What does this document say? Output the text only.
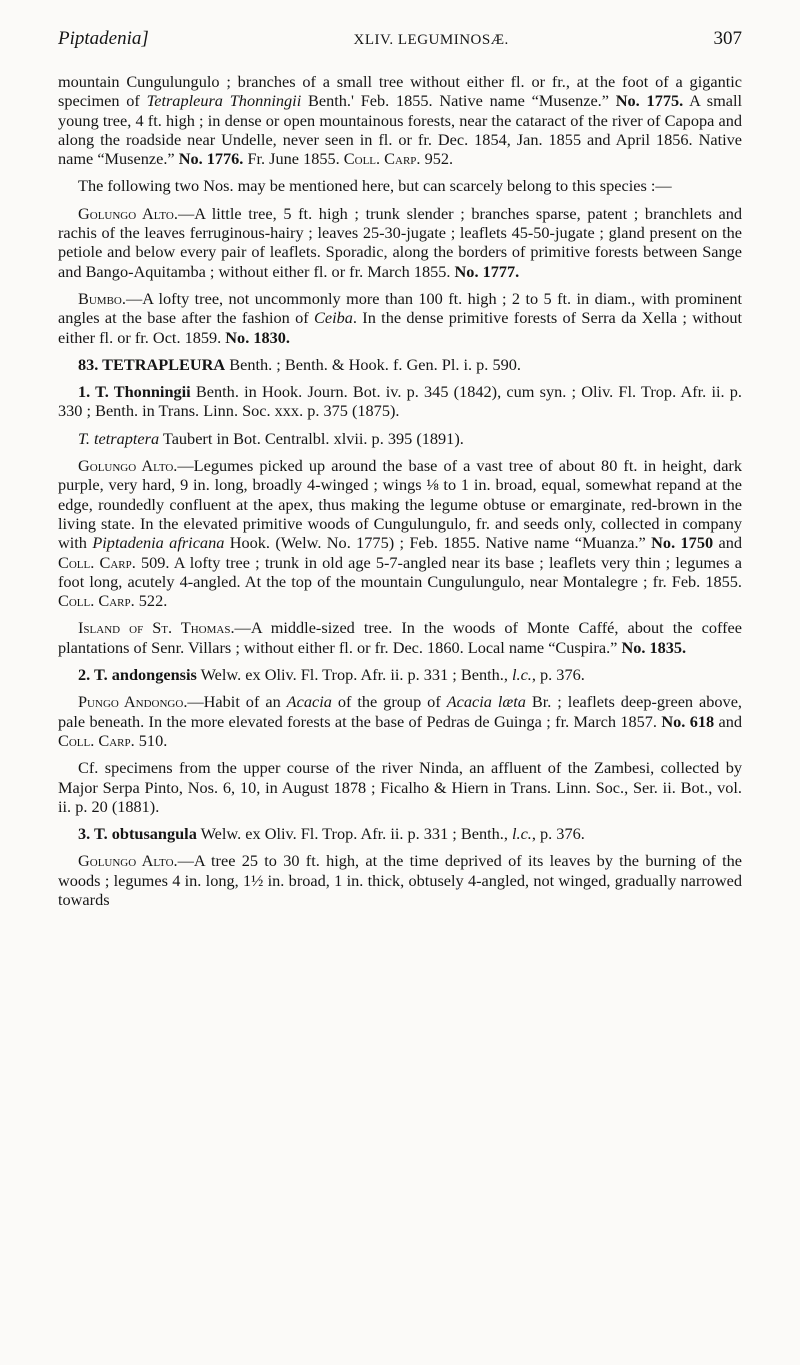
Piptadenia]	XLIV. LEGUMINOSÆ.	307

mountain Cungulungulo ; branches of a small tree without either fl. or fr., at the foot of a gigantic specimen of Tetrapleura Thonningii Benth.' Feb. 1855. Native name “Musenze.” No. 1775. A small young tree, 4 ft. high ; in dense or open mountainous forests, near the cataract of the river of Capopa and along the roadside near Undelle, never seen in fl. or fr. Dec. 1854, Jan. 1855 and April 1856. Native name “Musenze.” No. 1776. Fr. June 1855. Coll. Carp. 952.

The following two Nos. may be mentioned here, but can scarcely belong to this species :—

Golungo Alto.—A little tree, 5 ft. high ; trunk slender ; branches sparse, patent ; branchlets and rachis of the leaves ferruginous-hairy ; leaves 25-30-jugate ; leaflets 45-50-jugate ; gland present on the petiole and below every pair of leaflets. Sporadic, along the borders of primitive forests between Sange and Bango-Aquitamba ; without either fl. or fr. March 1855. No. 1777.

Bumbo.—A lofty tree, not uncommonly more than 100 ft. high ; 2 to 5 ft. in diam., with prominent angles at the base after the fashion of Ceiba. In the dense primitive forests of Serra da Xella ; without either fl. or fr. Oct. 1859. No. 1830.

83. TETRAPLEURA Benth. ; Benth. & Hook. f. Gen. Pl. i. p. 590.

1. T. Thonningii Benth. in Hook. Journ. Bot. iv. p. 345 (1842), cum syn. ; Oliv. Fl. Trop. Afr. ii. p. 330 ; Benth. in Trans. Linn. Soc. xxx. p. 375 (1875).

T. tetraptera Taubert in Bot. Centralbl. xlvii. p. 395 (1891).

Golungo Alto.—Legumes picked up around the base of a vast tree of about 80 ft. in height, dark purple, very hard, 9 in. long, broadly 4-winged ; wings ⅛ to 1 in. broad, equal, somewhat repand at the edge, roundedly confluent at the apex, thus making the legume obtuse or emarginate, red-brown in the living state. In the elevated primitive woods of Cungulungulo, fr. and seeds only, collected in company with Piptadenia africana Hook. (Welw. No. 1775) ; Feb. 1855. Native name “Muanza.” No. 1750 and Coll. Carp. 509. A lofty tree ; trunk in old age 5-7-angled near its base ; leaflets very thin ; legumes a foot long, acutely 4-angled. At the top of the mountain Cungulungulo, near Montalegre ; fr. Feb. 1855. Coll. Carp. 522.

Island of St. Thomas.—A middle-sized tree. In the woods of Monte Caffé, about the coffee plantations of Senr. Villars ; without either fl. or fr. Dec. 1860. Local name “Cuspira.” No. 1835.

2. T. andongensis Welw. ex Oliv. Fl. Trop. Afr. ii. p. 331 ; Benth., l.c., p. 376.

Pungo Andongo.—Habit of an Acacia of the group of Acacia læta Br. ; leaflets deep-green above, pale beneath. In the more elevated forests at the base of Pedras de Guinga ; fr. March 1857. No. 618 and Coll. Carp. 510.

Cf. specimens from the upper course of the river Ninda, an affluent of the Zambesi, collected by Major Serpa Pinto, Nos. 6, 10, in August 1878 ; Ficalho & Hiern in Trans. Linn. Soc., Ser. ii. Bot., vol. ii. p. 20 (1881).

3. T. obtusangula Welw. ex Oliv. Fl. Trop. Afr. ii. p. 331 ; Benth., l.c., p. 376.

Golungo Alto.—A tree 25 to 30 ft. high, at the time deprived of its leaves by the burning of the woods ; legumes 4 in. long, 1½ in. broad, 1 in. thick, obtusely 4-angled, not winged, gradually narrowed towards
